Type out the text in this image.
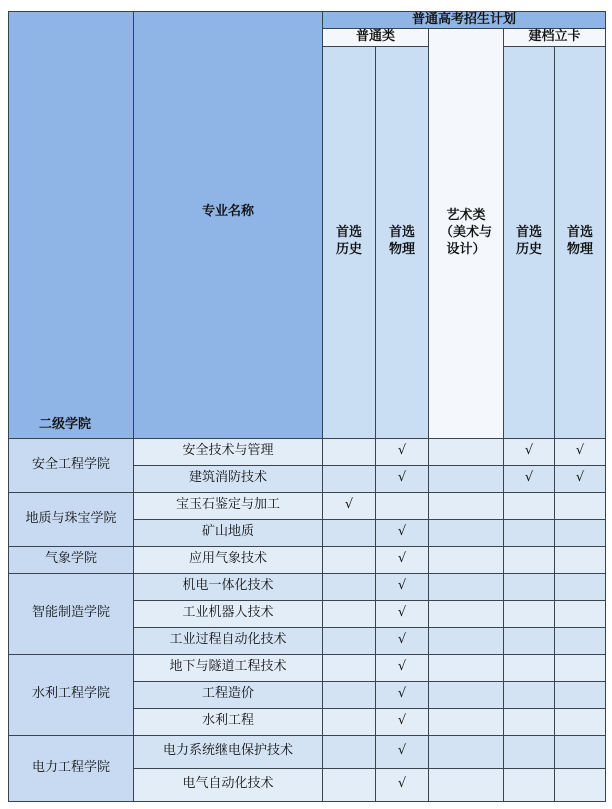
二级学院	专业名称	普通高考招生计划				
		普通类		艺术类（美术与设计）	建档立卡	
		首选历史	首选物理		首选历史	首选物理
安全工程学院	安全技术与管理		√		√	√
	建筑消防技术		√		√	√
地质与珠宝学院	宝玉石鉴定与加工	√				
	矿山地质		√			
气象学院	应用气象技术		√			
智能制造学院	机电一体化技术		√			
	工业机器人技术		√			
	工业过程自动化技术		√			
水利工程学院	地下与隧道工程技术		√			
	工程造价		√			
	水利工程		√			
电力工程学院	电力系统继电保护技术		√			
	电气自动化技术		√			
